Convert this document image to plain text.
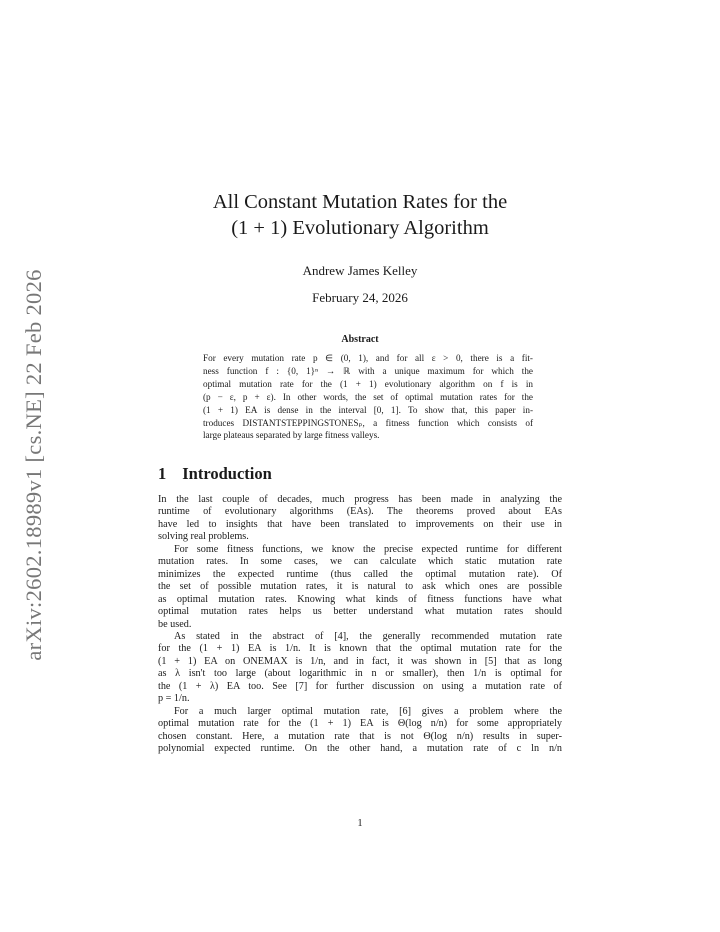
arXiv:2602.18989v1 [cs.NE] 22 Feb 2026
All Constant Mutation Rates for the
(1 + 1) Evolutionary Algorithm
Andrew James Kelley
February 24, 2026
Abstract
For every mutation rate p ∈ (0, 1), and for all ε > 0, there is a fit-
ness function f : {0, 1}ⁿ → ℝ with a unique maximum for which the
optimal mutation rate for the (1 + 1) evolutionary algorithm on f is in
(p − ε, p + ε). In other words, the set of optimal mutation rates for the
(1 + 1) EA is dense in the interval [0, 1]. To show that, this paper in-
troduces DISTANTSTEPPINGSTONESₚ, a fitness function which consists of
large plateaus separated by large fitness valleys.
1 Introduction
In the last couple of decades, much progress has been made in analyzing the
runtime of evolutionary algorithms (EAs). The theorems proved about EAs
have led to insights that have been translated to improvements on their use in
solving real problems.
For some fitness functions, we know the precise expected runtime for different
mutation rates. In some cases, we can calculate which static mutation rate
minimizes the expected runtime (thus called the optimal mutation rate). Of
the set of possible mutation rates, it is natural to ask which ones are possible
as optimal mutation rates. Knowing what kinds of fitness functions have what
optimal mutation rates helps us better understand what mutation rates should
be used.
As stated in the abstract of [4], the generally recommended mutation rate
for the (1 + 1) EA is 1/n. It is known that the optimal mutation rate for the
(1 + 1) EA on ONEMAX is 1/n, and in fact, it was shown in [5] that as long
as λ isn't too large (about logarithmic in n or smaller), then 1/n is optimal for
the (1 + λ) EA too. See [7] for further discussion on using a mutation rate of
p = 1/n.
For a much larger optimal mutation rate, [6] gives a problem where the
optimal mutation rate for the (1 + 1) EA is Θ(log n/n) for some appropriately
chosen constant. Here, a mutation rate that is not Θ(log n/n) results in super-
polynomial expected runtime. On the other hand, a mutation rate of c ln n/n
1
